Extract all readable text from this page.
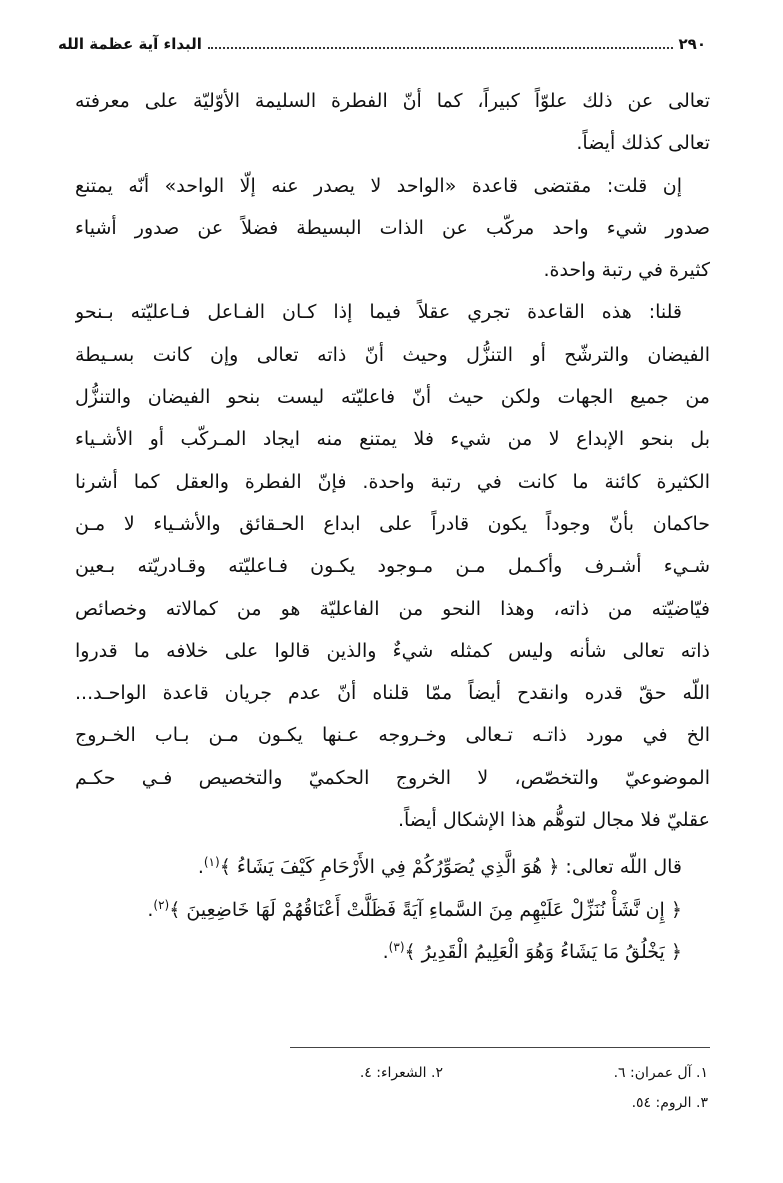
٢٩٠
البداء آية عظمة الله
تعالى عن ذلك علوّاً كبيراً، كما أنّ الفطرة السليمة الأوّليّة على معرفته
تعالى كذلك أيضاً.
إن قلت: مقتضى قاعدة «الواحد لا يصدر عنه إلّا الواحد» أنّه يمتنع
صدور شيء واحد مركّب عن الذات البسيطة فضلاً عن صدور أشياء
كثيرة في رتبة واحدة.
قلنا: هذه القاعدة تجري عقلاً فيما إذا كـان الفـاعل فـاعليّته بـنحو
الفيضان والترشّح أو التنزُّل وحيث أنّ ذاته تعالى وإن كانت بسـيطة
من جميع الجهات ولكن حيث أنّ فاعليّته ليست بنحو الفيضان والتنزُّل
بل بنحو الإبداع لا من شيء فلا يمتنع منه ايجاد المـركّب أو الأشـياء
الكثيرة كائنة ما كانت في رتبة واحدة. فإنّ الفطرة والعقل كما أشرنا
حاكمان بأنّ وجوداً يكون قادراً على ابداع الحـقائق والأشـياء لا مـن
شـيء أشـرف وأكـمل مـن مـوجود يكـون فـاعليّته وقـادريّته بـعين
فيّاضيّته من ذاته، وهذا النحو من الفاعليّة هو من كمالاته وخصائص
ذاته تعالى شأنه وليس كمثله شيءٌ والذين قالوا على خلافه ما قدروا
اللّه حقّ قدره وانقدح أيضاً ممّا قلناه أنّ عدم جريان قاعدة الواحـد...
الخ في مورد ذاتـه تـعالى وخـروجه عـنها يكـون مـن بـاب الخـروج
الموضوعيّ والتخصّص، لا الخروج الحكميّ والتخصيص فـي حكـم
عقليّ فلا مجال لتوهُّم هذا الإشكال أيضاً.
قال اللّه تعالى: ﴿ هُوَ الَّذِي يُصَوِّرُكُمْ فِي الأَرْحَامِ كَيْفَ يَشَاءُ ﴾$^{(١)}$.
﴿ إِن نَّشَأْ نُنَزِّلْ عَلَيْهِم مِنَ السَّماءِ آيَةً فَظَلَّتْ أَعْنَاقُهُمْ لَهَا خَاضِعِينَ ﴾$^{(٢)}$.
﴿ يَخْلُقُ مَا يَشَاءُ وَهُوَ الْعَلِيمُ الْقَدِيرُ ﴾$^{(٣)}$.
١. آل عمران: ٦.
٢. الشعراء: ٤.
٣. الروم: ٥٤.
